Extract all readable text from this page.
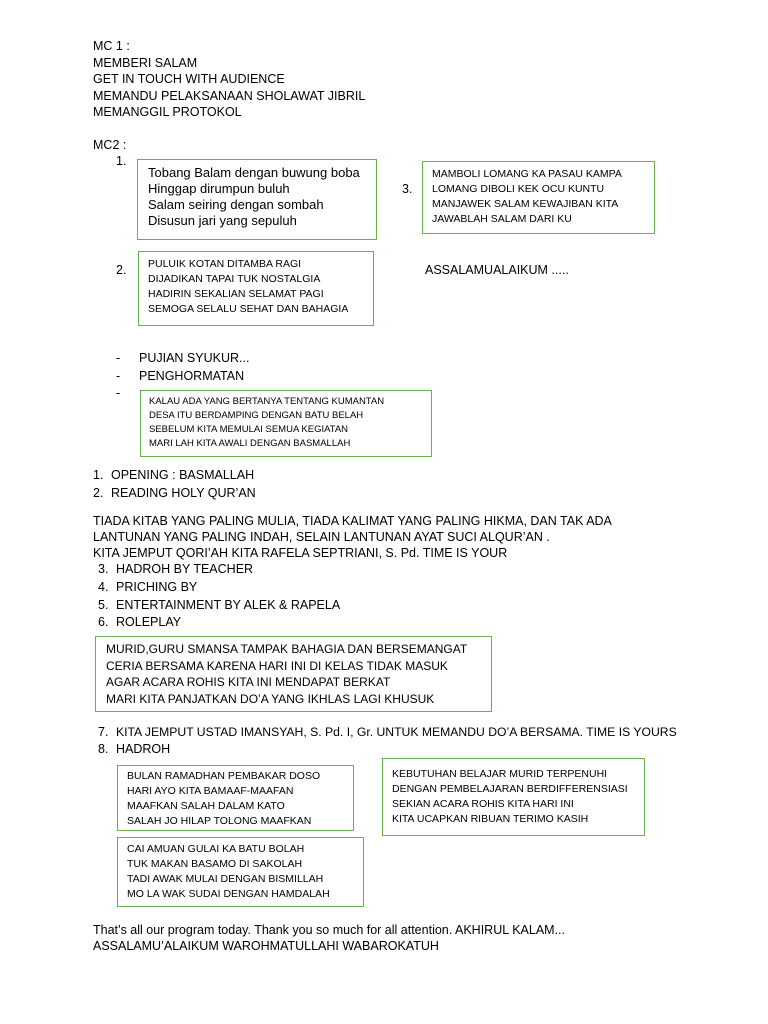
MC 1 :
MEMBERI SALAM
GET IN TOUCH WITH AUDIENCE
MEMANDU PELAKSANAAN SHOLAWAT JIBRIL
MEMANGGIL PROTOKOL
MC2 :
1.
Tobang Balam dengan buwung boba
Hinggap dirumpun buluh
Salam seiring dengan sombah
Disusun jari yang sepuluh
3.
MAMBOLI LOMANG KA PASAU KAMPA
LOMANG DIBOLI KEK OCU KUNTU
MANJAWEK SALAM KEWAJIBAN KITA
JAWABLAH SALAM DARI KU
2. PULUIK KOTAN DITAMBA RAGI
DIJADIKAN TAPAI TUK NOSTALGIA
HADIRIN SEKALIAN SELAMAT PAGI
SEMOGA SELALU SEHAT DAN BAHAGIA
ASSALAMUALAIKUM .....
- PUJIAN SYUKUR...
- PENGHORMATAN
-
KALAU ADA YANG BERTANYA TENTANG KUMANTAN
DESA ITU BERDAMPING DENGAN BATU BELAH
SEBELUM KITA MEMULAI SEMUA KEGIATAN
MARI LAH KITA AWALI DENGAN BASMALLAH
1. OPENING : BASMALLAH
2. READING HOLY QUR’AN
TIADA KITAB YANG PALING MULIA, TIADA KALIMAT YANG PALING HIKMA, DAN TAK ADA LANTUNAN YANG PALING INDAH, SELAIN LANTUNAN AYAT SUCI ALQUR’AN .
KITA JEMPUT QORI’AH KITA RAFELA SEPTRIANI, S. Pd. TIME IS YOUR
3. HADROH BY TEACHER
4. PRICHING BY
5. ENTERTAINMENT BY ALEK & RAPELA
6. ROLEPLAY
MURID,GURU SMANSA TAMPAK BAHAGIA DAN BERSEMANGAT
CERIA BERSAMA KARENA HARI INI DI KELAS TIDAK MASUK
AGAR ACARA ROHIS KITA INI MENDAPAT BERKAT
MARI KITA PANJATKAN DO’A YANG IKHLAS LAGI KHUSUK
7. KITA JEMPUT USTAD IMANSYAH, S. Pd. I, Gr. UNTUK MEMANDU DO’A BERSAMA. TIME IS YOURS
8. HADROH
BULAN RAMADHAN PEMBAKAR DOSO
HARI AYO KITA BAMAAF-MAAFAN
MAAFKAN SALAH DALAM KATO
SALAH JO HILAP TOLONG MAAFKAN
KEBUTUHAN BELAJAR MURID TERPENUHI
DENGAN PEMBELAJARAN BERDIFFERENSIASI
SEKIAN ACARA ROHIS KITA HARI INI
KITA UCAPKAN RIBUAN TERIMO KASIH
CAI AMUAN GULAI KA BATU BOLAH
TUK MAKAN BASAMO DI SAKOLAH
TADI AWAK MULAI DENGAN BISMILLAH
MO LA WAK SUDAI DENGAN HAMDALAH
That’s all our program today. Thank you so much for all attention. AKHIRUL KALAM...
ASSALAMU’ALAIKUM WAROHMATULLAHI WABAROKATUH
